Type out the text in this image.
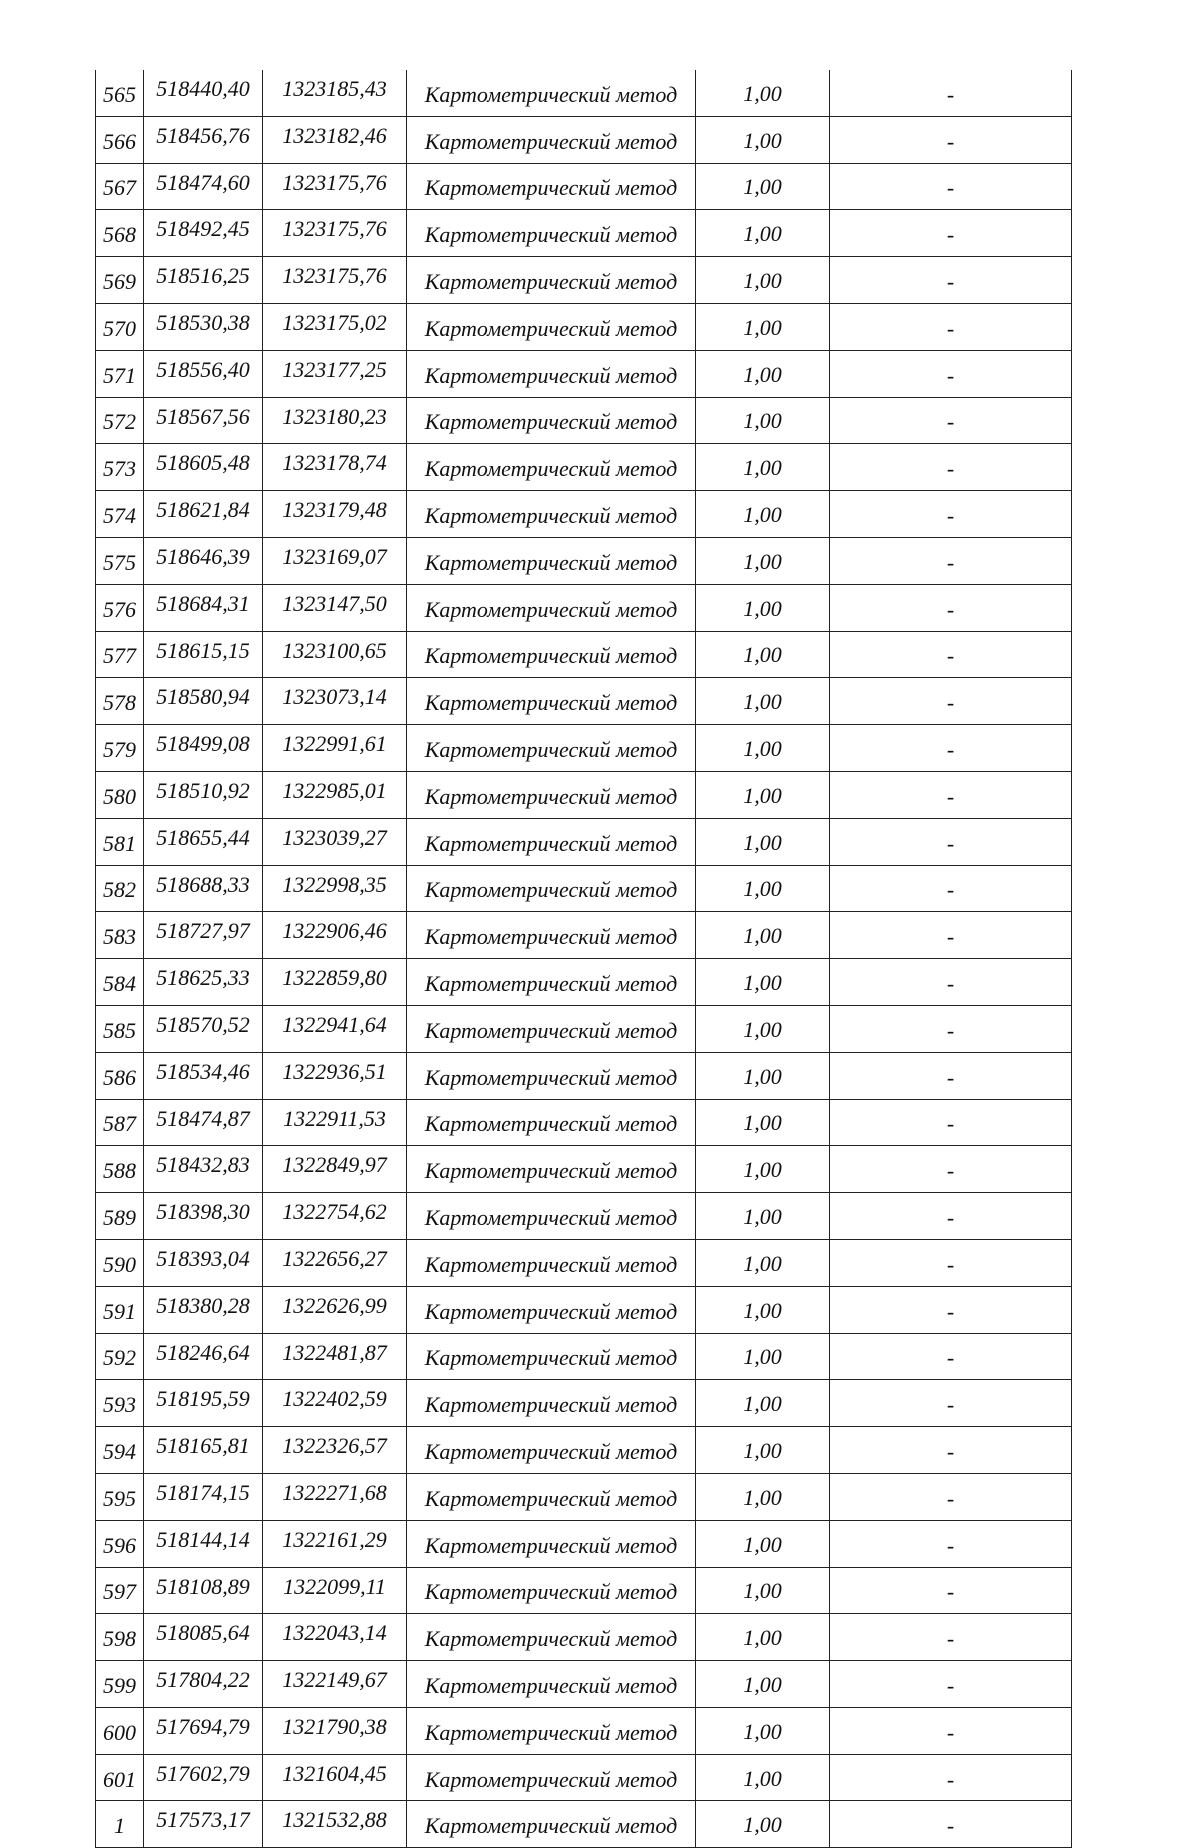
565	518440,40	1323185,43	Картометрический метод	1,00	-
566	518456,76	1323182,46	Картометрический метод	1,00	-
567	518474,60	1323175,76	Картометрический метод	1,00	-
568	518492,45	1323175,76	Картометрический метод	1,00	-
569	518516,25	1323175,76	Картометрический метод	1,00	-
570	518530,38	1323175,02	Картометрический метод	1,00	-
571	518556,40	1323177,25	Картометрический метод	1,00	-
572	518567,56	1323180,23	Картометрический метод	1,00	-
573	518605,48	1323178,74	Картометрический метод	1,00	-
574	518621,84	1323179,48	Картометрический метод	1,00	-
575	518646,39	1323169,07	Картометрический метод	1,00	-
576	518684,31	1323147,50	Картометрический метод	1,00	-
577	518615,15	1323100,65	Картометрический метод	1,00	-
578	518580,94	1323073,14	Картометрический метод	1,00	-
579	518499,08	1322991,61	Картометрический метод	1,00	-
580	518510,92	1322985,01	Картометрический метод	1,00	-
581	518655,44	1323039,27	Картометрический метод	1,00	-
582	518688,33	1322998,35	Картометрический метод	1,00	-
583	518727,97	1322906,46	Картометрический метод	1,00	-
584	518625,33	1322859,80	Картометрический метод	1,00	-
585	518570,52	1322941,64	Картометрический метод	1,00	-
586	518534,46	1322936,51	Картометрический метод	1,00	-
587	518474,87	1322911,53	Картометрический метод	1,00	-
588	518432,83	1322849,97	Картометрический метод	1,00	-
589	518398,30	1322754,62	Картометрический метод	1,00	-
590	518393,04	1322656,27	Картометрический метод	1,00	-
591	518380,28	1322626,99	Картометрический метод	1,00	-
592	518246,64	1322481,87	Картометрический метод	1,00	-
593	518195,59	1322402,59	Картометрический метод	1,00	-
594	518165,81	1322326,57	Картометрический метод	1,00	-
595	518174,15	1322271,68	Картометрический метод	1,00	-
596	518144,14	1322161,29	Картометрический метод	1,00	-
597	518108,89	1322099,11	Картометрический метод	1,00	-
598	518085,64	1322043,14	Картометрический метод	1,00	-
599	517804,22	1322149,67	Картометрический метод	1,00	-
600	517694,79	1321790,38	Картометрический метод	1,00	-
601	517602,79	1321604,45	Картометрический метод	1,00	-
1	517573,17	1321532,88	Картометрический метод	1,00	-
